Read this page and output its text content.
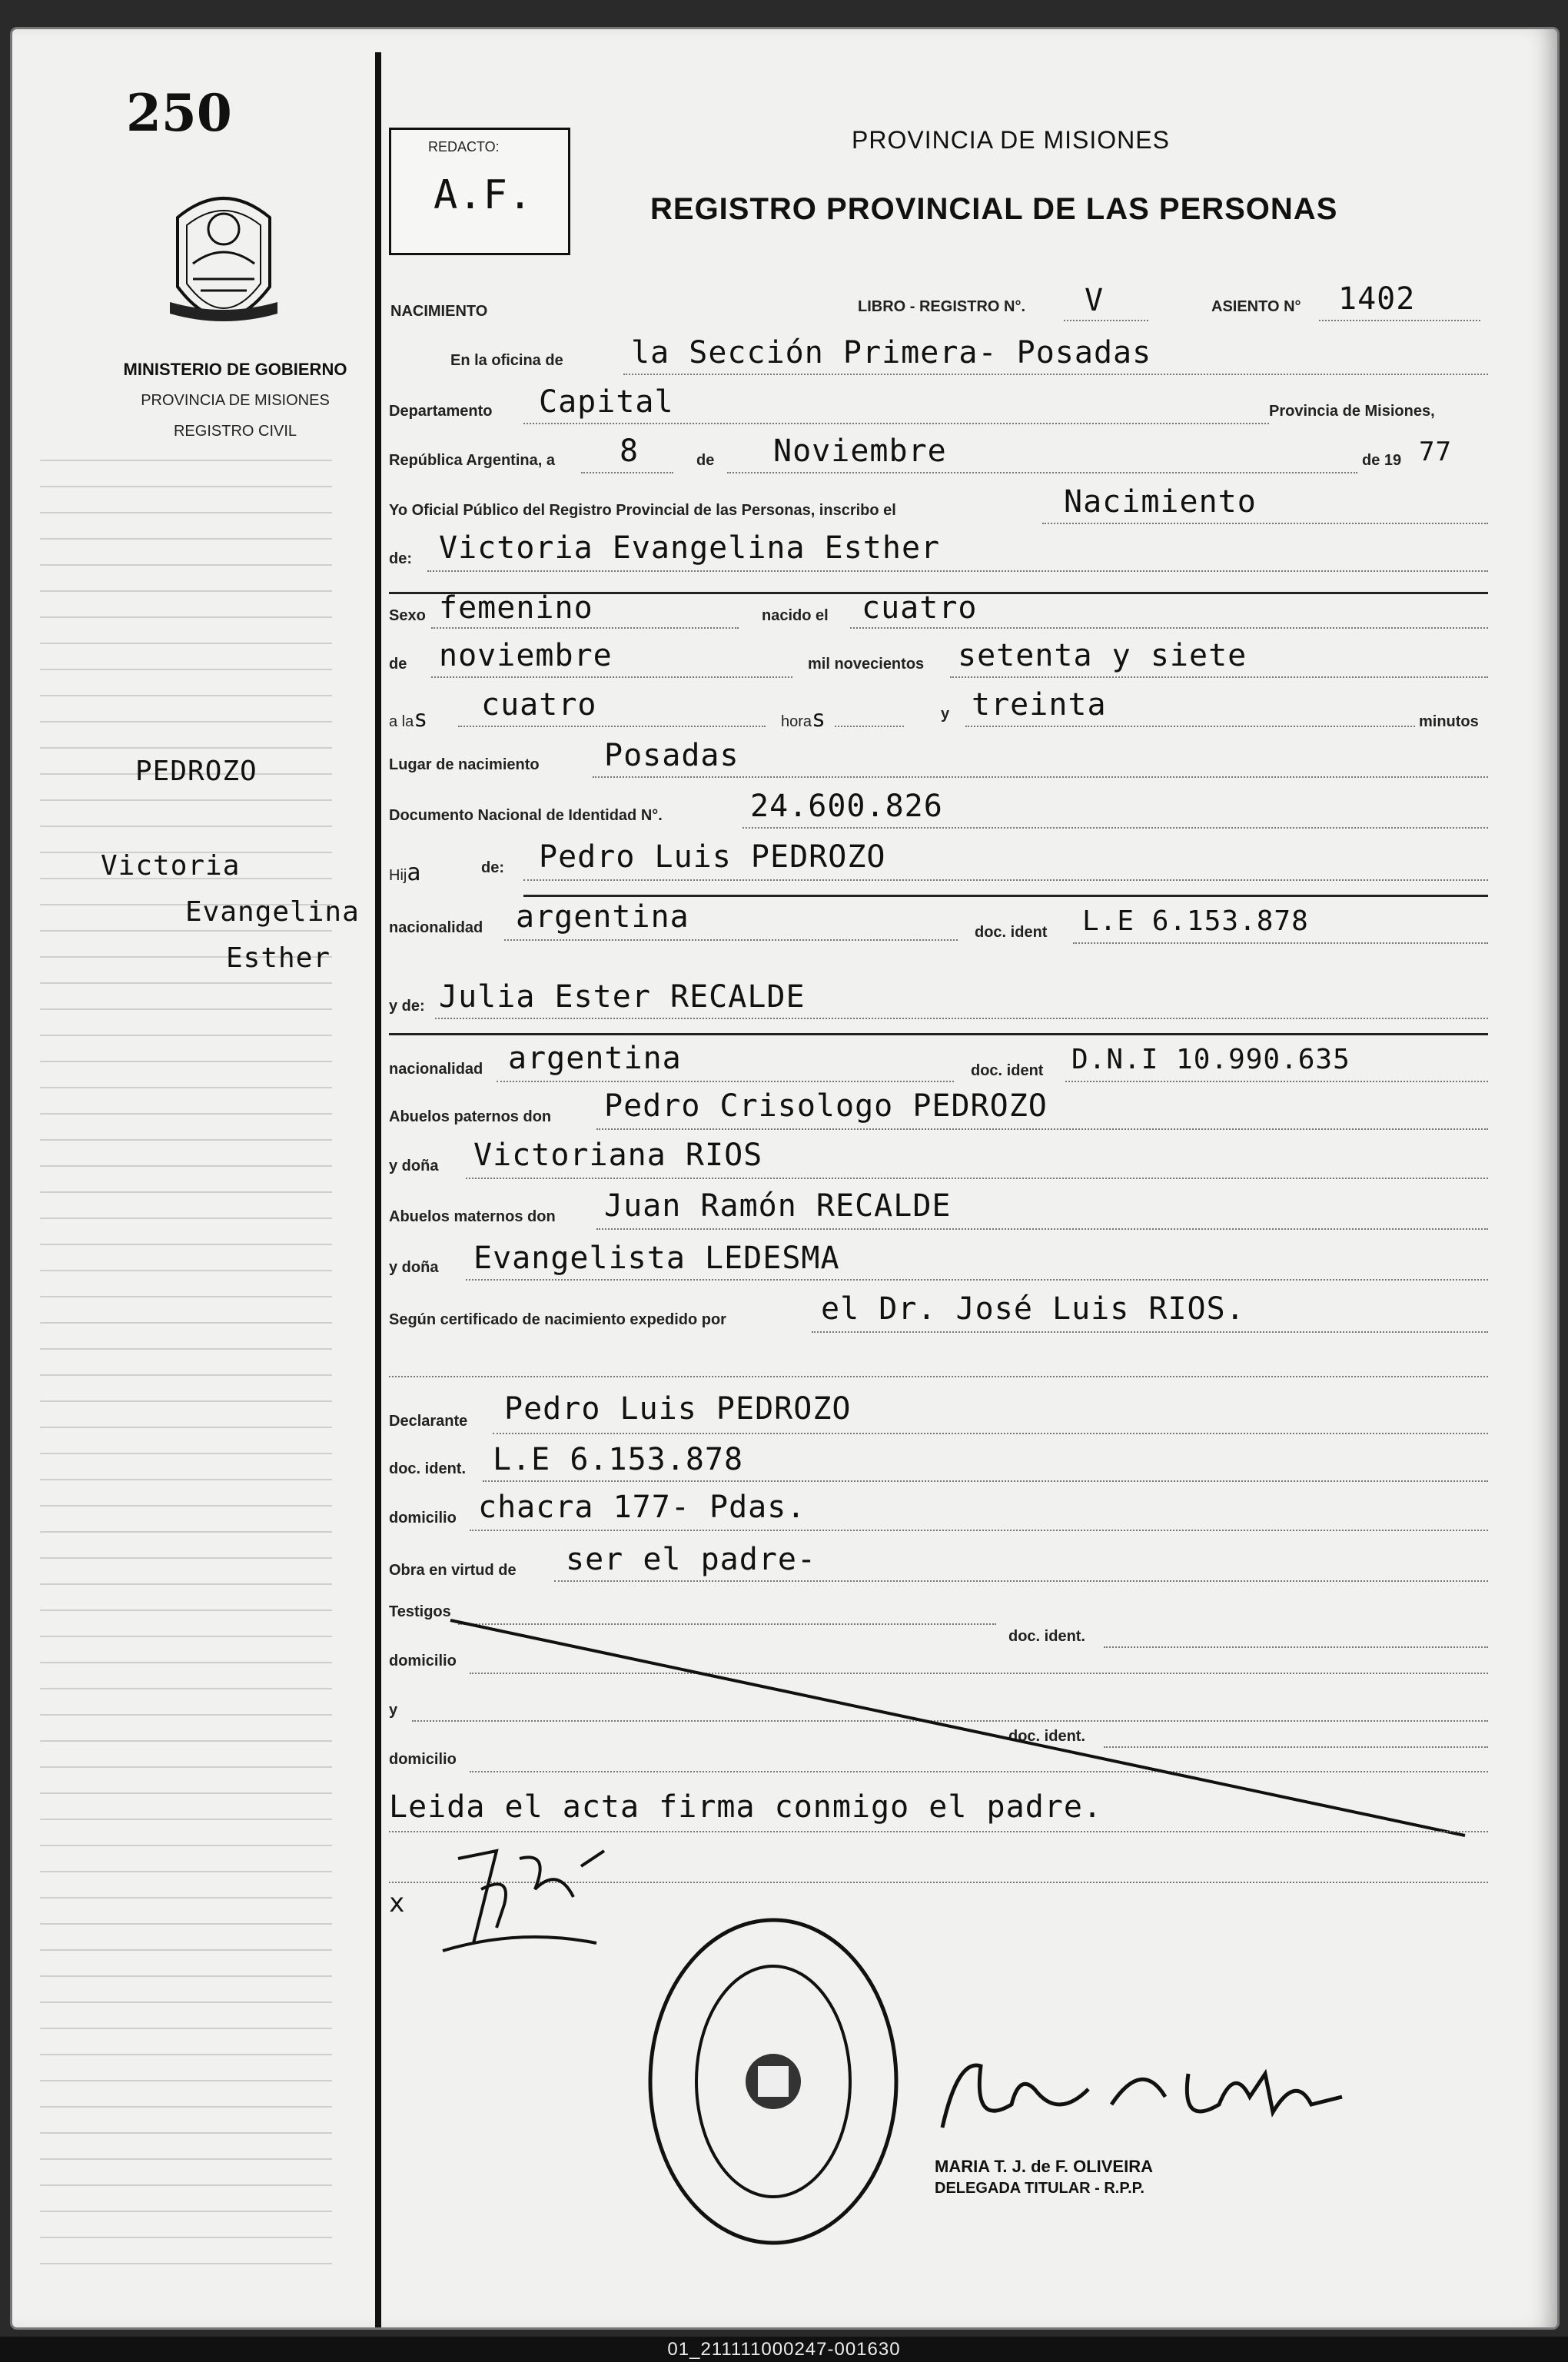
250
MINISTERIO DE GOBIERNO
PROVINCIA DE MISIONES
REGISTRO CIVIL
PEDROZO
Victoria
Evangelina
Esther
REDACTO:
A.F.
PROVINCIA DE MISIONES
REGISTRO PROVINCIAL DE LAS PERSONAS
NACIMIENTO	LIBRO - REGISTRO N°. V	ASIENTO N° 1402
En la oficina de la Sección Primera- Posadas
Departamento Capital	Provincia de Misiones,
República Argentina, a 8	de Noviembre	de 19 77
Yo Oficial Público del Registro Provincial de las Personas, inscribo el	Nacimiento
de: Victoria Evangelina Esther
Sexo femenino	nacido el cuatro
de noviembre	mil novecientos setenta y siete
a las cuatro	horas	y treinta	minutos
Lugar de nacimiento Posadas
Documento Nacional de Identidad N°.	24.600.826
Hija	de: Pedro Luis PEDROZO
nacionalidad argentina	doc. ident L.E 6.153.878
y de: Julia Ester RECALDE
nacionalidad argentina	doc. ident D.N.I 10.990.635
Abuelos paternos don Pedro Crisologo PEDROZO
y doña Victoriana RIOS
Abuelos maternos don Juan Ramón RECALDE
y doña Evangelista LEDESMA
Según certificado de nacimiento expedido por	el Dr. José Luis RIOS.
Declarante Pedro Luis PEDROZO
doc. ident. L.E 6.153.878
domicilio chacra 177- Pdas.
Obra en virtud de ser el padre-
Testigos
doc. ident.
domicilio
y
doc. ident.
domicilio
Leida el acta firma conmigo el padre.
x
MARIA T. J. de F. OLIVEIRA
DELEGADA TITULAR - R.P.P.
01_211111000247-001630
